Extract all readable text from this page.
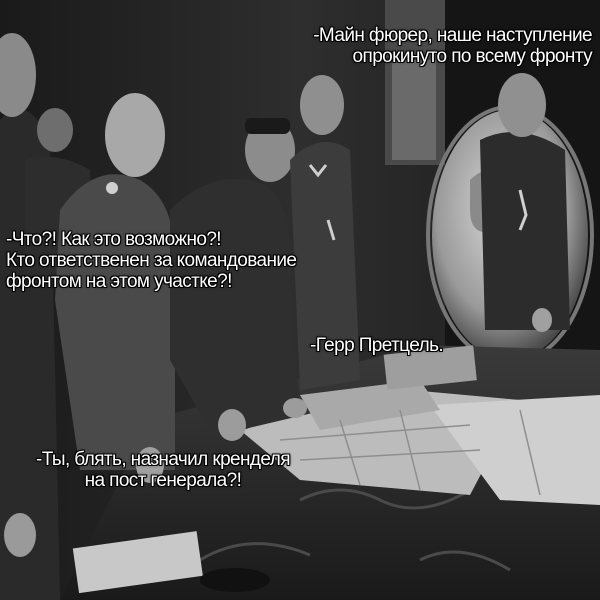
-Майн фюрер, наше наступление
опрокинуто по всему фронту
-Что?! Как это возможно?!
Кто ответственен за командование
фронтом на этом участке?!
-Герр Претцель.
-Ты, блять, назначил кренделя
на пост генерала?!
